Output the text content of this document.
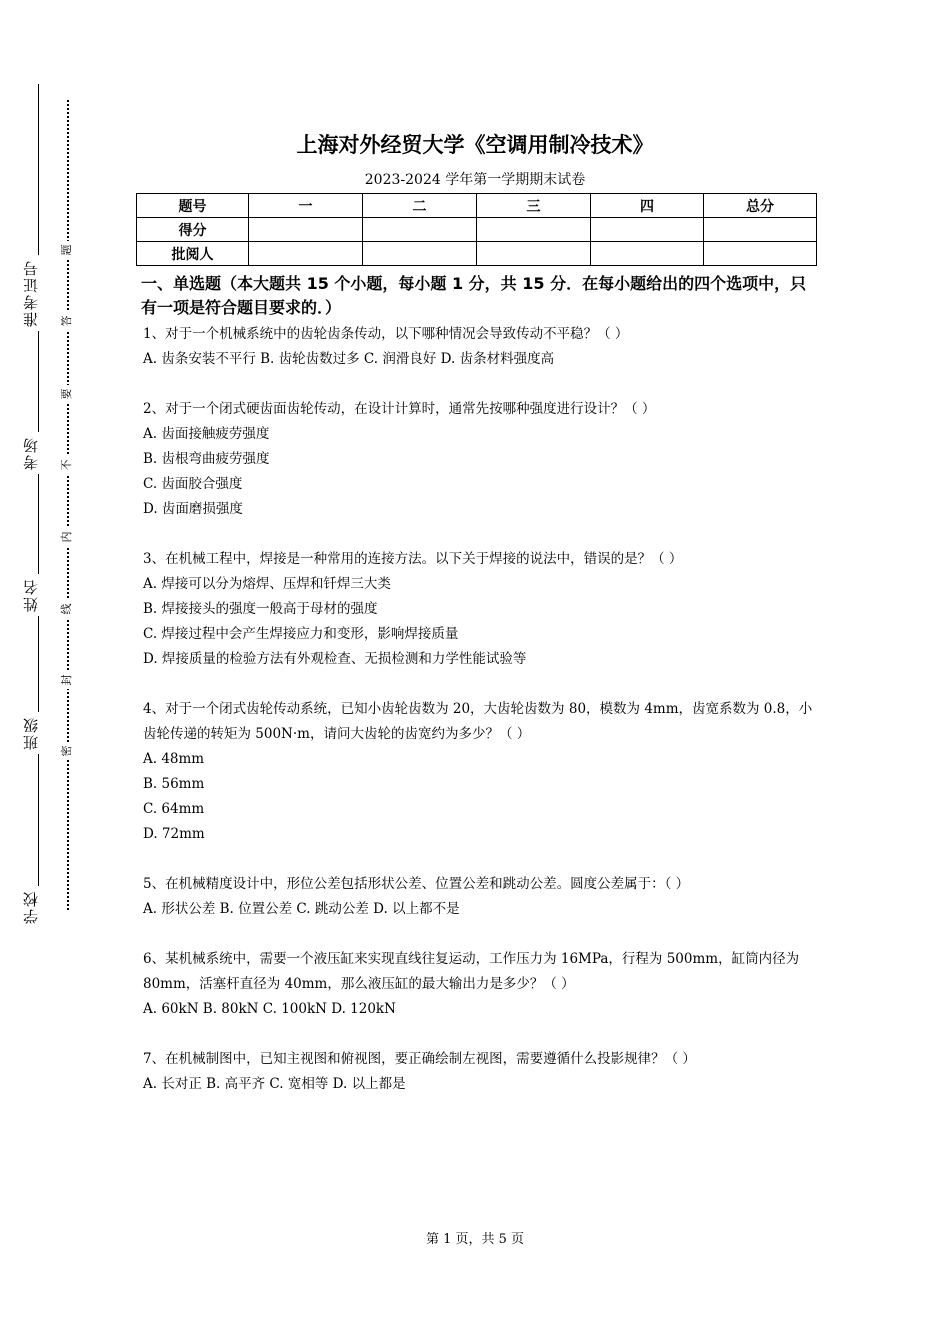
准考证号
考场
姓名
班级
学校
题
答
要
不
内
线
封
密
上海对外经贸大学《空调用制冷技术》
2023-2024 学年第一学期期末试卷
题号	一	二	三	四	总分
得分					
批阅人					
一、单选题（本大题共 15 个小题，每小题 1 分，共 15 分．在每小题给出的四个选项中，只有一项是符合题目要求的．）

1、对于一个机械系统中的齿轮齿条传动，以下哪种情况会导致传动不平稳？（ ）

A. 齿条安装不平行 B. 齿轮齿数过多 C. 润滑良好 D. 齿条材料强度高

2、对于一个闭式硬齿面齿轮传动，在设计计算时，通常先按哪种强度进行设计？（ ）

A. 齿面接触疲劳强度

B. 齿根弯曲疲劳强度

C. 齿面胶合强度

D. 齿面磨损强度

3、在机械工程中，焊接是一种常用的连接方法。以下关于焊接的说法中，错误的是？（ ）

A. 焊接可以分为熔焊、压焊和钎焊三大类

B. 焊接接头的强度一般高于母材的强度

C. 焊接过程中会产生焊接应力和变形，影响焊接质量

D. 焊接质量的检验方法有外观检查、无损检测和力学性能试验等

4、对于一个闭式齿轮传动系统，已知小齿轮齿数为 20，大齿轮齿数为 80，模数为 4mm，齿宽系数为 0.8，小齿轮传递的转矩为 500N·m，请问大齿轮的齿宽约为多少？（ ）

A. 48mm

B. 56mm

C. 64mm

D. 72mm

5、在机械精度设计中，形位公差包括形状公差、位置公差和跳动公差。圆度公差属于：（ ）

A. 形状公差 B. 位置公差 C. 跳动公差 D. 以上都不是

6、某机械系统中，需要一个液压缸来实现直线往复运动，工作压力为 16MPa，行程为 500mm，缸筒内径为 80mm，活塞杆直径为 40mm，那么液压缸的最大输出力是多少？（ ）

A. 60kN B. 80kN C. 100kN D. 120kN

7、在机械制图中，已知主视图和俯视图，要正确绘制左视图，需要遵循什么投影规律？（ ）

A. 长对正 B. 高平齐 C. 宽相等 D. 以上都是

第 1 页，共 5 页
